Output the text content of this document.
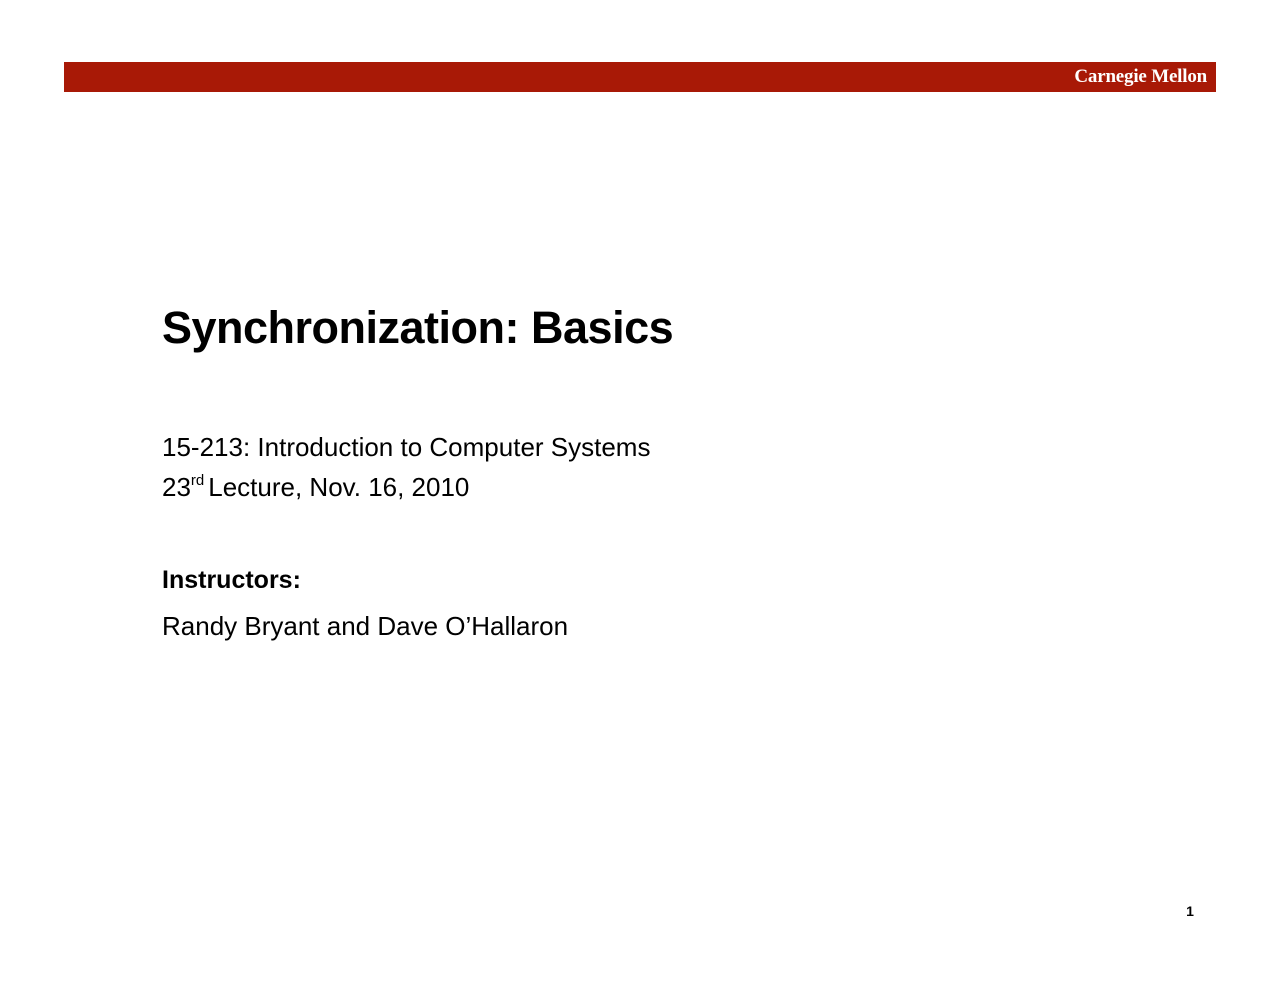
Carnegie Mellon
Synchronization: Basics
15-213: Introduction to Computer Systems
23rd Lecture, Nov. 16, 2010
Instructors:
Randy Bryant and Dave O’Hallaron
1
